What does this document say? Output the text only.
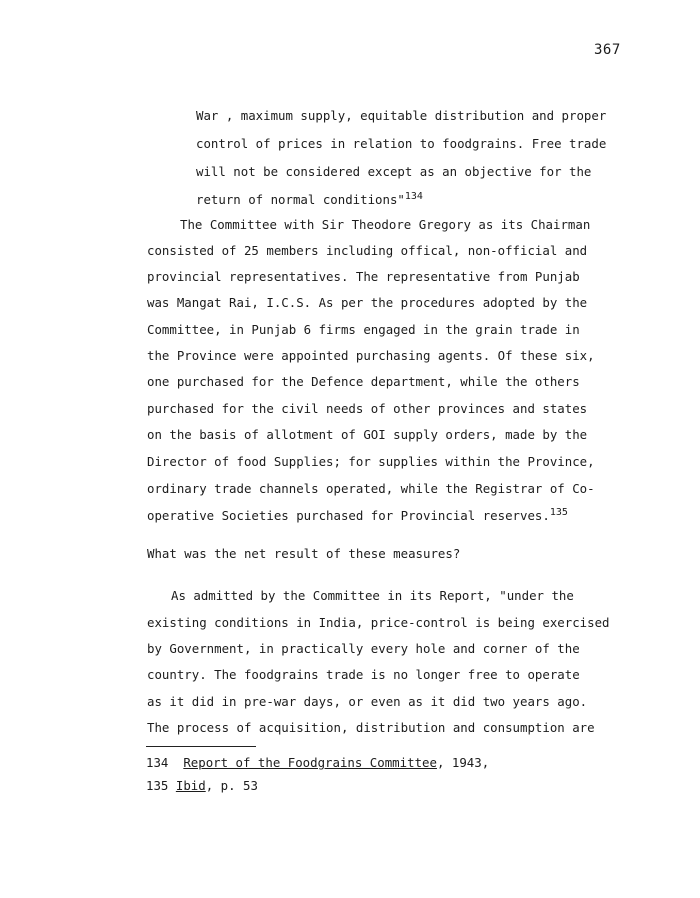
367
War , maximum supply, equitable distribution and proper
control of prices in relation to foodgrains. Free trade
will not be considered except as an objective for the
return of normal conditions"$^{134}$
The Committee with Sir Theodore Gregory as its Chairman
consisted of 25 members including offical, non-official and
provincial representatives. The representative from Punjab
was Mangat Rai, I.C.S. As per the procedures adopted by the
Committee, in Punjab 6 firms engaged in the grain trade in
the Province were appointed purchasing agents. Of these six,
one purchased for the Defence department, while the others
purchased for the civil needs of other provinces and states
on the basis of allotment of GOI supply orders, made by the
Director of food Supplies; for supplies within the Province,
ordinary trade channels operated, while the Registrar of Co-
operative Societies purchased for Provincial reserves.$^{135}$
What was the net result of these measures?
As admitted by the Committee in its Report, "under the
existing conditions in India, price-control is being exercised
by Government, in practically every hole and corner of the
country. The foodgrains trade is no longer free to operate
as it did in pre-war days, or even as it did two years ago.
The process of acquisition, distribution and consumption are
134 Report of the Foodgrains Committee, 1943,
135 Ibid, p. 53
